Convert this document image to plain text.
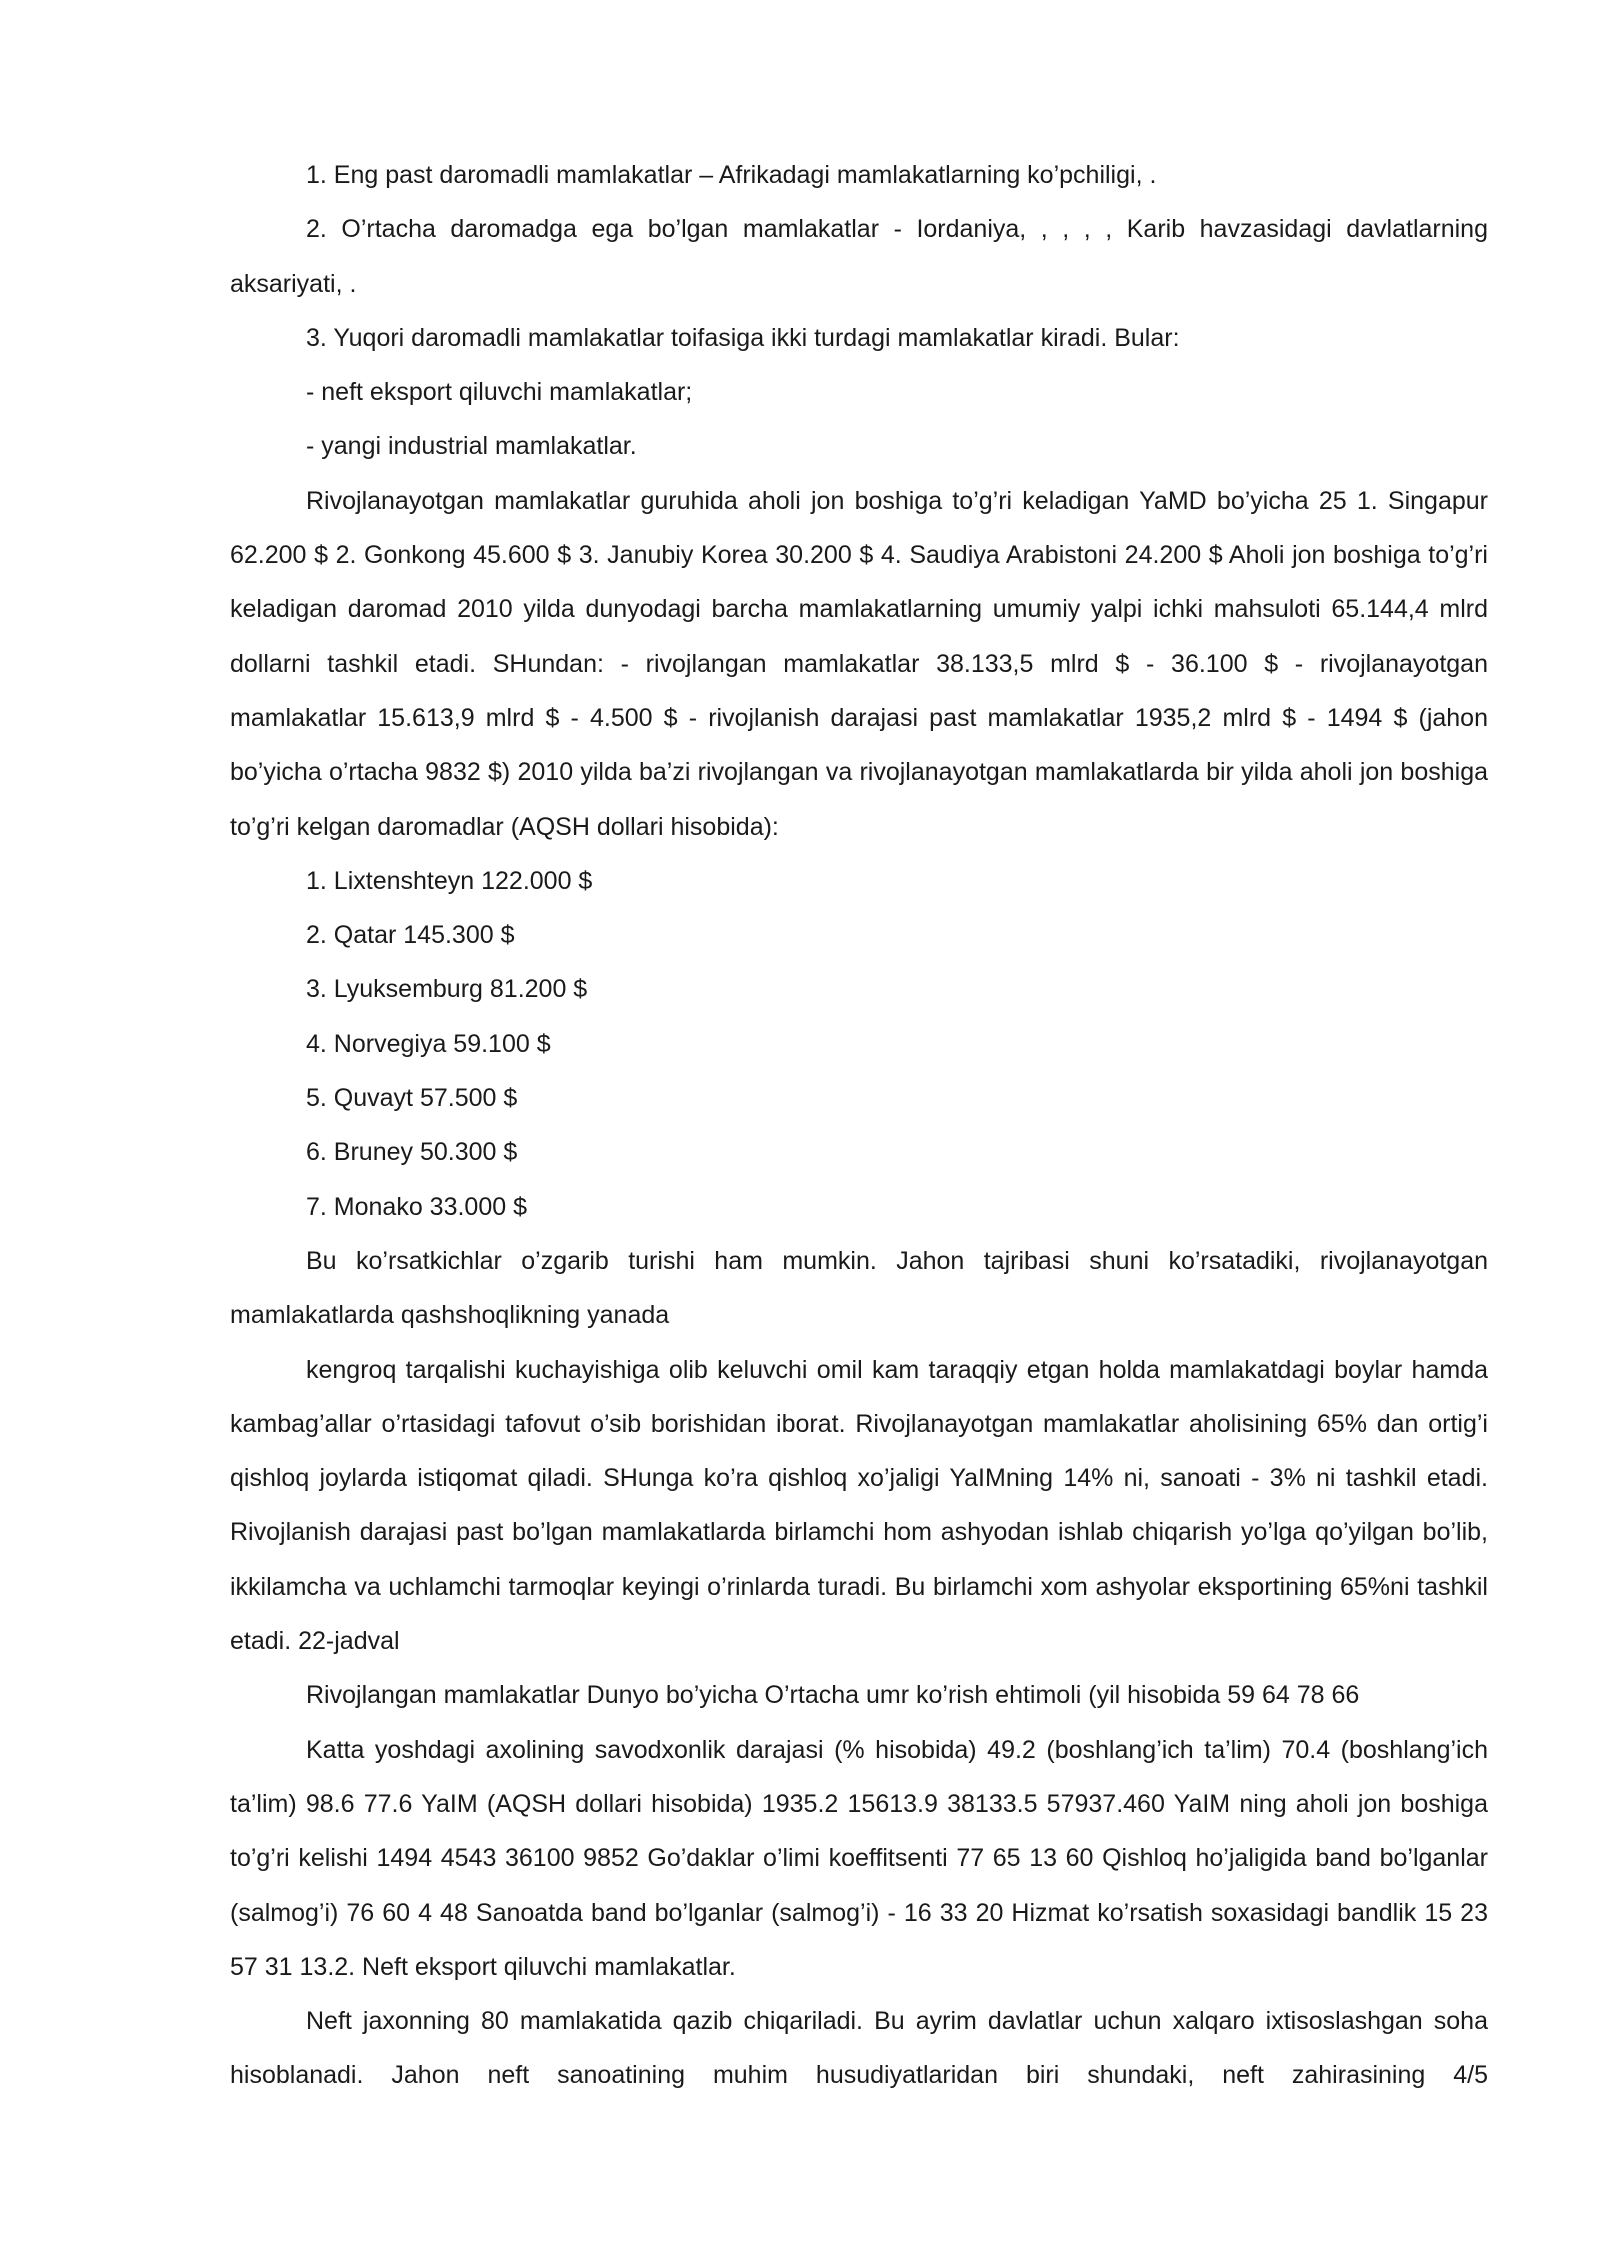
1. Eng past daromadli mamlakatlar – Afrikadagi mamlakatlarning ko’pchiligi, .

2. O’rtacha daromadga ega bo’lgan mamlakatlar - Iordaniya, , , , , Karib havzasidagi davlatlarning aksariyati, .

3. Yuqori daromadli mamlakatlar toifasiga ikki turdagi mamlakatlar kiradi. Bular:

- neft eksport qiluvchi mamlakatlar;

- yangi industrial mamlakatlar.

Rivojlanayotgan mamlakatlar guruhida aholi jon boshiga to’g’ri keladigan YaMD bo’yicha 25 1. Singapur 62.200 $ 2. Gonkong 45.600 $ 3. Janubiy Korea 30.200 $ 4. Saudiya Arabistoni 24.200 $ Aholi jon boshiga to’g’ri keladigan daromad 2010 yilda dunyodagi barcha mamlakatlarning umumiy yalpi ichki mahsuloti 65.144,4 mlrd dollarni tashkil etadi. SHundan: - rivojlangan mamlakatlar 38.133,5 mlrd $ - 36.100 $ - rivojlanayotgan mamlakatlar 15.613,9 mlrd $ - 4.500 $ - rivojlanish darajasi past mamlakatlar 1935,2 mlrd $ - 1494 $ (jahon bo’yicha o’rtacha 9832 $) 2010 yilda ba’zi rivojlangan va rivojlanayotgan mamlakatlarda bir yilda aholi jon boshiga to’g’ri kelgan daromadlar (AQSH dollari hisobida):

1. Lixtenshteyn 122.000 $

2. Qatar 145.300 $

3. Lyuksemburg 81.200 $

4. Norvegiya 59.100 $

5. Quvayt 57.500 $

6. Bruney 50.300 $

7. Monako 33.000 $

Bu ko’rsatkichlar o’zgarib turishi ham mumkin. Jahon tajribasi shuni ko’rsatadiki, rivojlanayotgan mamlakatlarda qashshoqlikning yanada

kengroq tarqalishi kuchayishiga olib keluvchi omil kam taraqqiy etgan holda mamlakatdagi boylar hamda kambag’allar o’rtasidagi tafovut o’sib borishidan iborat. Rivojlanayotgan mamlakatlar aholisining 65% dan ortig’i qishloq joylarda istiqomat qiladi. SHunga ko’ra qishloq xo’jaligi YaIMning 14% ni, sanoati - 3% ni tashkil etadi. Rivojlanish darajasi past bo’lgan mamlakatlarda birlamchi hom ashyodan ishlab chiqarish yo’lga qo’yilgan bo’lib, ikkilamcha va uchlamchi tarmoqlar keyingi o’rinlarda turadi. Bu birlamchi xom ashyolar eksportining 65%ni tashkil etadi. 22-jadval

Rivojlangan mamlakatlar Dunyo bo’yicha O’rtacha umr ko’rish ehtimoli (yil hisobida 59 64 78 66

Katta yoshdagi axolining savodxonlik darajasi (% hisobida) 49.2 (boshlang’ich ta’lim) 70.4 (boshlang’ich ta’lim) 98.6 77.6 YaIM (AQSH dollari hisobida) 1935.2 15613.9 38133.5 57937.460 YaIM ning aholi jon boshiga to’g’ri kelishi 1494 4543 36100 9852 Go’daklar o’limi koeffitsenti 77 65 13 60 Qishloq ho’jaligida band bo’lganlar (salmog’i) 76 60 4 48 Sanoatda band bo’lganlar (salmog’i) - 16 33 20 Hizmat ko’rsatish soxasidagi bandlik 15 23 57 31 13.2. Neft eksport qiluvchi mamlakatlar.

Neft jaxonning 80 mamlakatida qazib chiqariladi. Bu ayrim davlatlar uchun xalqaro ixtisoslashgan soha hisoblanadi. Jahon neft sanoatining muhim husudiyatlaridan biri shundaki, neft zahirasining 4/5
